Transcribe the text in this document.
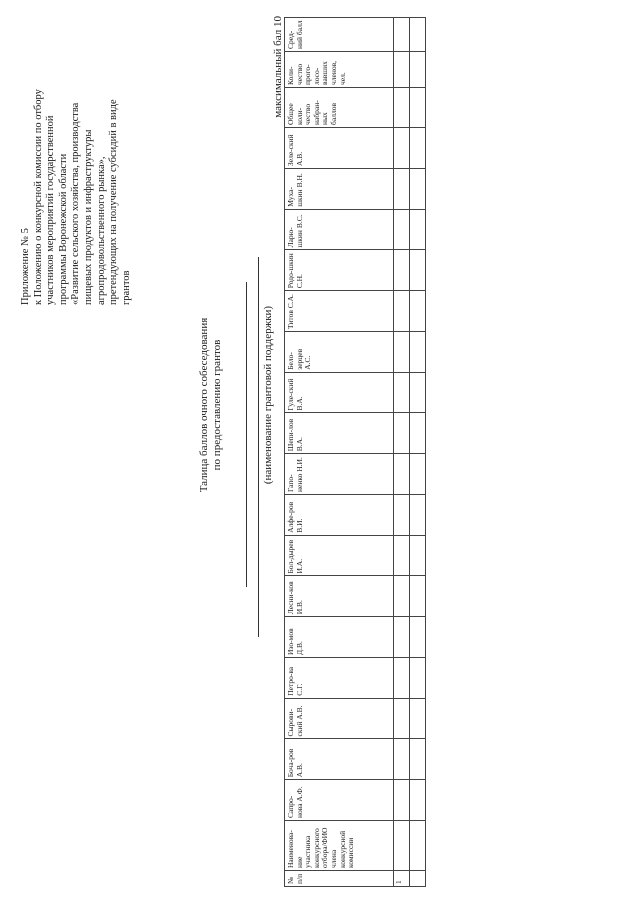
Приложение № 5 к Положению о конкурсной комиссии по отбору участников мероприятий государственной программы Воронежской области «Развитие сельского хозяйства, производства пищевых продуктов и инфраструктуры агропродовольственного рынка», претендующих на получение субсидий в виде грантов
Талица баллов очного собеседования по предоставлению грантов	(наименование грантовой поддержки)
максимальный бал 10
№ п/п	Наименова-ние участника конкурсного отбора/ФИО члена конкурсной комиссии	Сапро-нова А.Ф.	Боча-ров А.В.	Сырови-ский А.В.	Петро-ва С.Г.	Изо-мов Д.В.	Лесни-ков И.В.	Бол-дырев И.А.	Алфе-ров В.И.	Гапо-ненко Н.И.	Шепи-лов В.А.	Гуле-ский В.А.	Бело-зерцев А.С.	Титов С.А.	Родо-шкин С.Н.	Ларю-шкин В.С.	Муха-шкин В.Н.	Зеле-ский А.В.	Общее коли-чество набран-ных баллов	Коли-чество прого-лосо-вавших членов, чел.	Сред-ний балл
1																					
